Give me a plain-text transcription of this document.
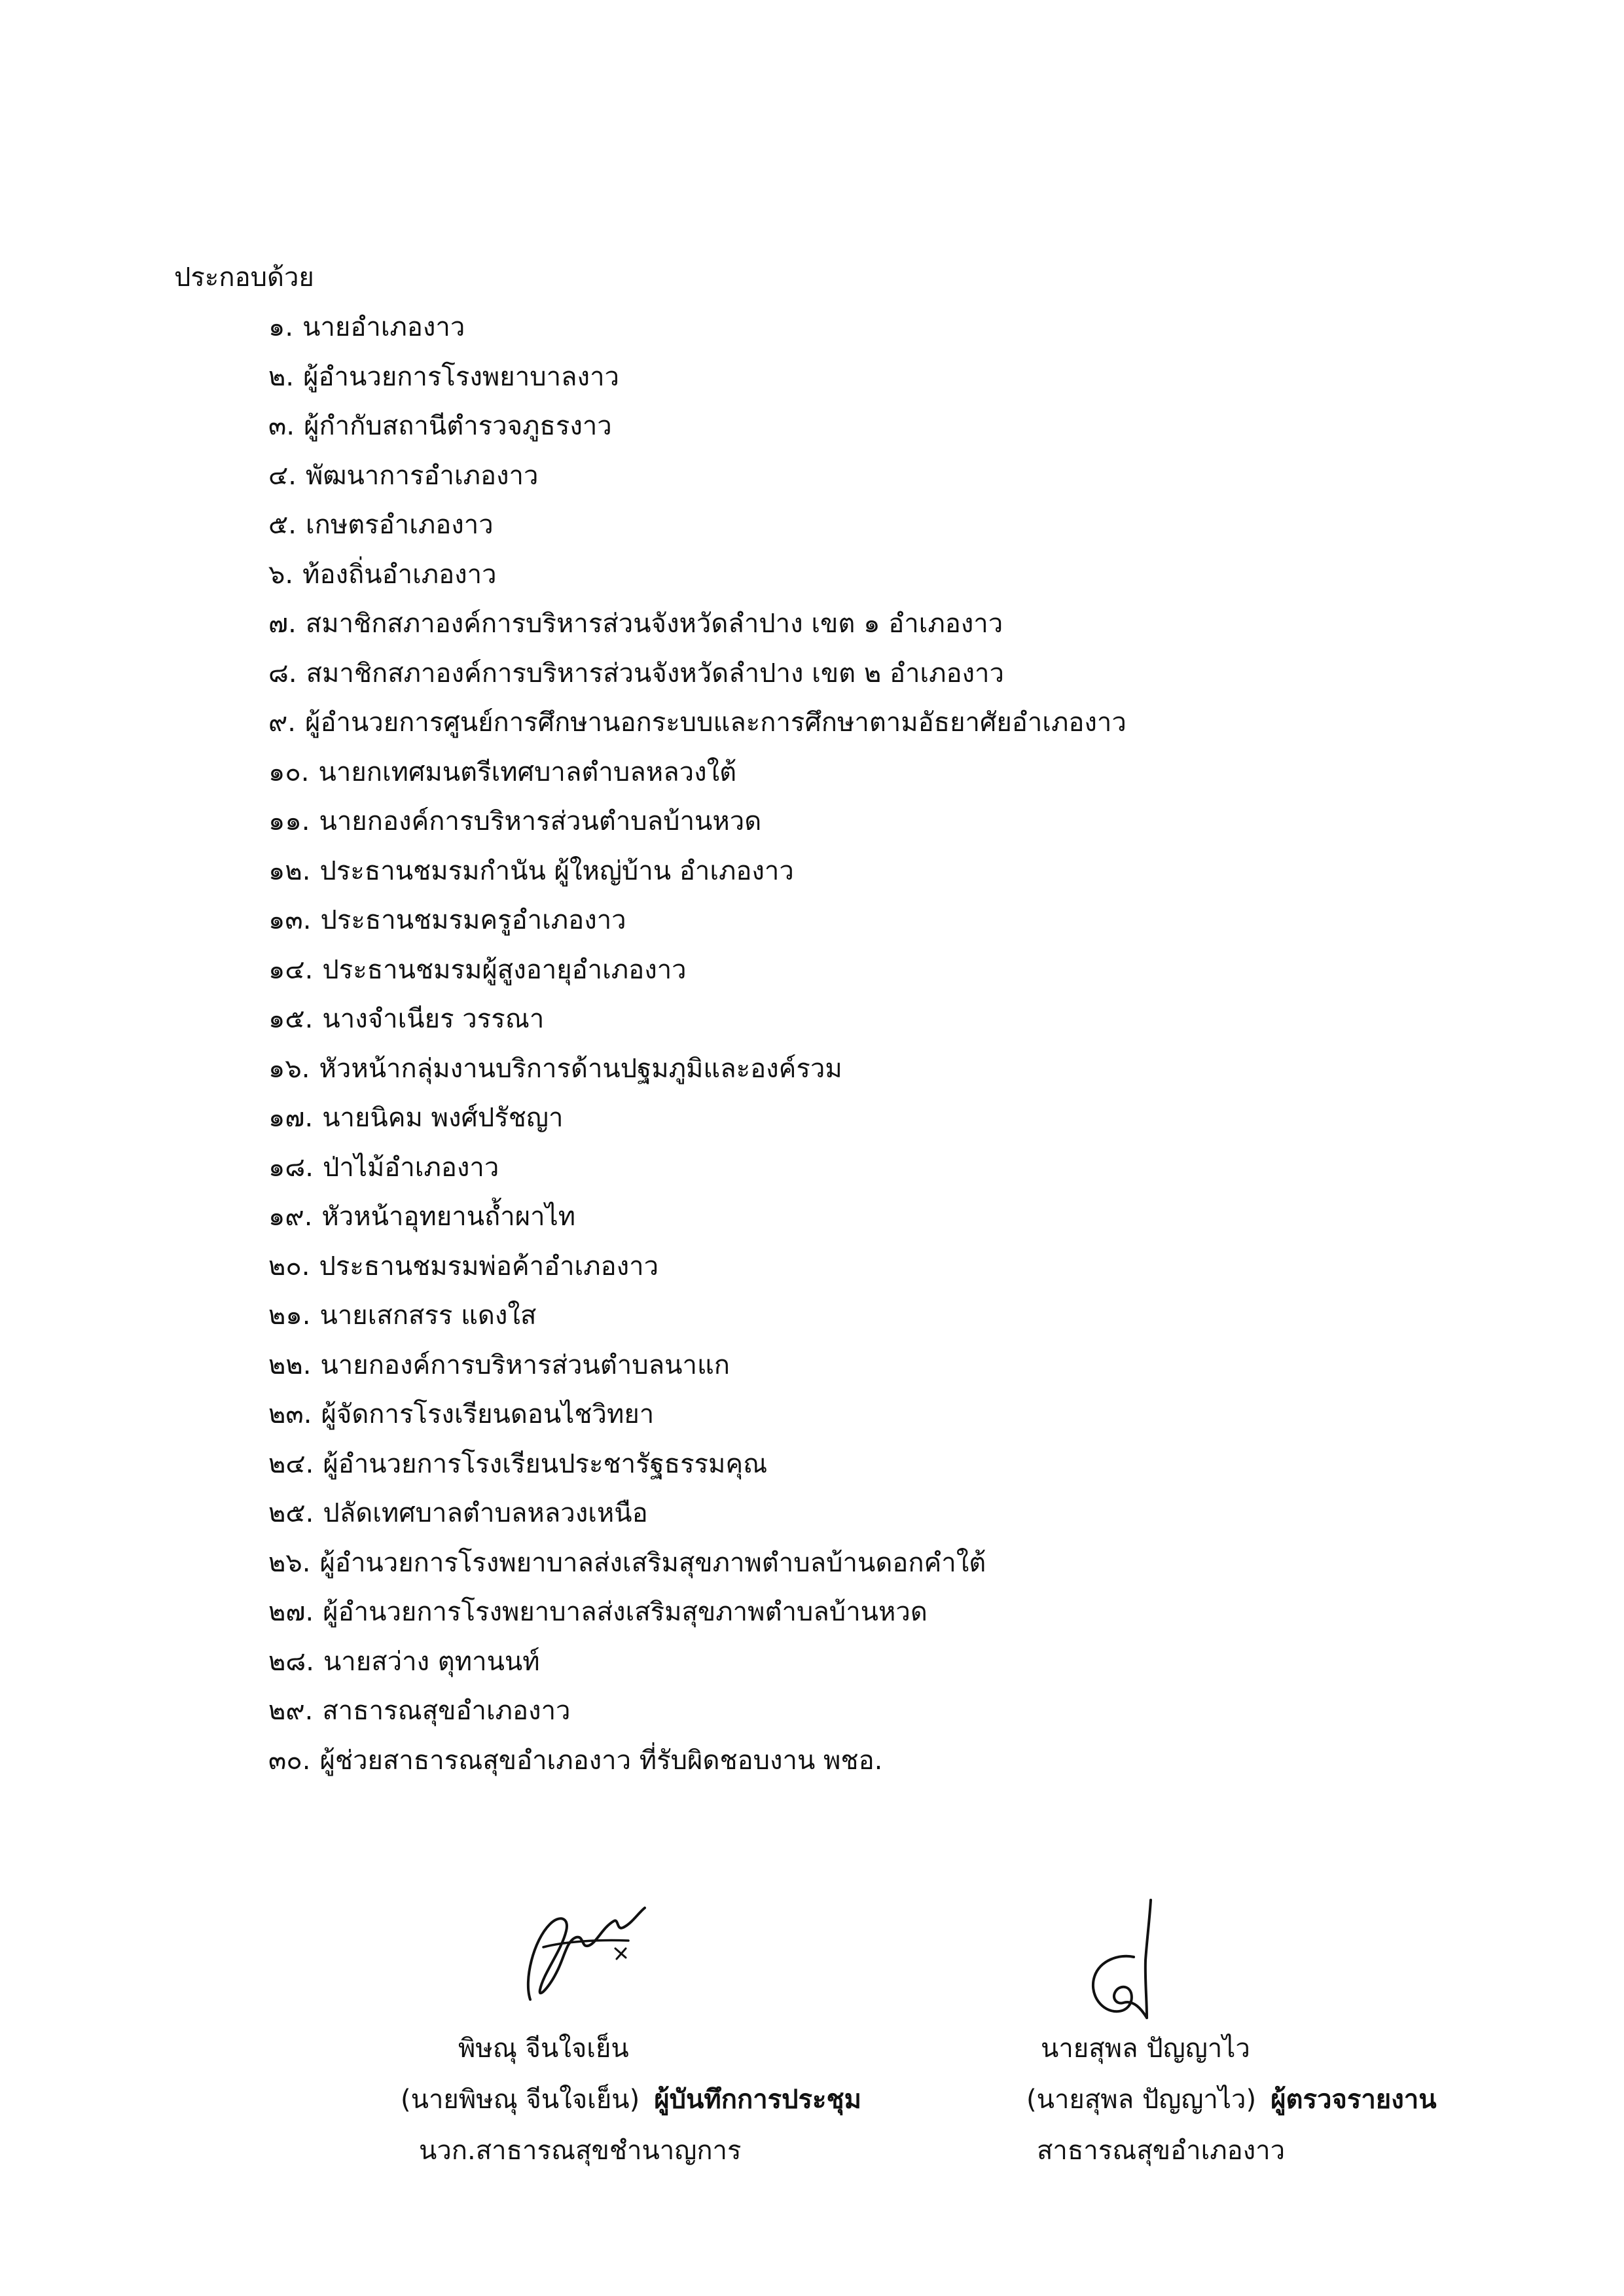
ประกอบด้วย
๑. นายอำเภองาว
๒. ผู้อำนวยการโรงพยาบาลงาว
๓. ผู้กำกับสถานีตำรวจภูธรงาว
๔. พัฒนาการอำเภองาว
๕. เกษตรอำเภองาว
๖. ท้องถิ่นอำเภองาว
๗. สมาชิกสภาองค์การบริหารส่วนจังหวัดลำปาง เขต ๑ อำเภองาว
๘. สมาชิกสภาองค์การบริหารส่วนจังหวัดลำปาง เขต ๒ อำเภองาว
๙. ผู้อำนวยการศูนย์การศึกษานอกระบบและการศึกษาตามอัธยาศัยอำเภองาว
๑๐. นายกเทศมนตรีเทศบาลตำบลหลวงใต้
๑๑. นายกองค์การบริหารส่วนตำบลบ้านหวด
๑๒. ประธานชมรมกำนัน ผู้ใหญ่บ้าน อำเภองาว
๑๓. ประธานชมรมครูอำเภองาว
๑๔. ประธานชมรมผู้สูงอายุอำเภองาว
๑๕. นางจำเนียร วรรณา
๑๖. หัวหน้ากลุ่มงานบริการด้านปฐมภูมิและองค์รวม
๑๗. นายนิคม พงศ์ปรัชญา
๑๘. ป่าไม้อำเภองาว
๑๙. หัวหน้าอุทยานถ้ำผาไท
๒๐. ประธานชมรมพ่อค้าอำเภองาว
๒๑. นายเสกสรร แดงใส
๒๒. นายกองค์การบริหารส่วนตำบลนาแก
๒๓. ผู้จัดการโรงเรียนดอนไชวิทยา
๒๔. ผู้อำนวยการโรงเรียนประชารัฐธรรมคุณ
๒๕. ปลัดเทศบาลตำบลหลวงเหนือ
๒๖. ผู้อำนวยการโรงพยาบาลส่งเสริมสุขภาพตำบลบ้านดอกคำใต้
๒๗. ผู้อำนวยการโรงพยาบาลส่งเสริมสุขภาพตำบลบ้านหวด
๒๘. นายสว่าง ตุทานนท์
๒๙. สาธารณสุขอำเภองาว
๓๐. ผู้ช่วยสาธารณสุขอำเภองาว ที่รับผิดชอบงาน พชอ.
พิษณุ จีนใจเย็น
(นายพิษณุ จีนใจเย็น) ผู้บันทึกการประชุม
นวก.สาธารณสุขชำนาญการ
นายสุพล ปัญญาไว
(นายสุพล ปัญญาไว) ผู้ตรวจรายงาน
สาธารณสุขอำเภองาว
